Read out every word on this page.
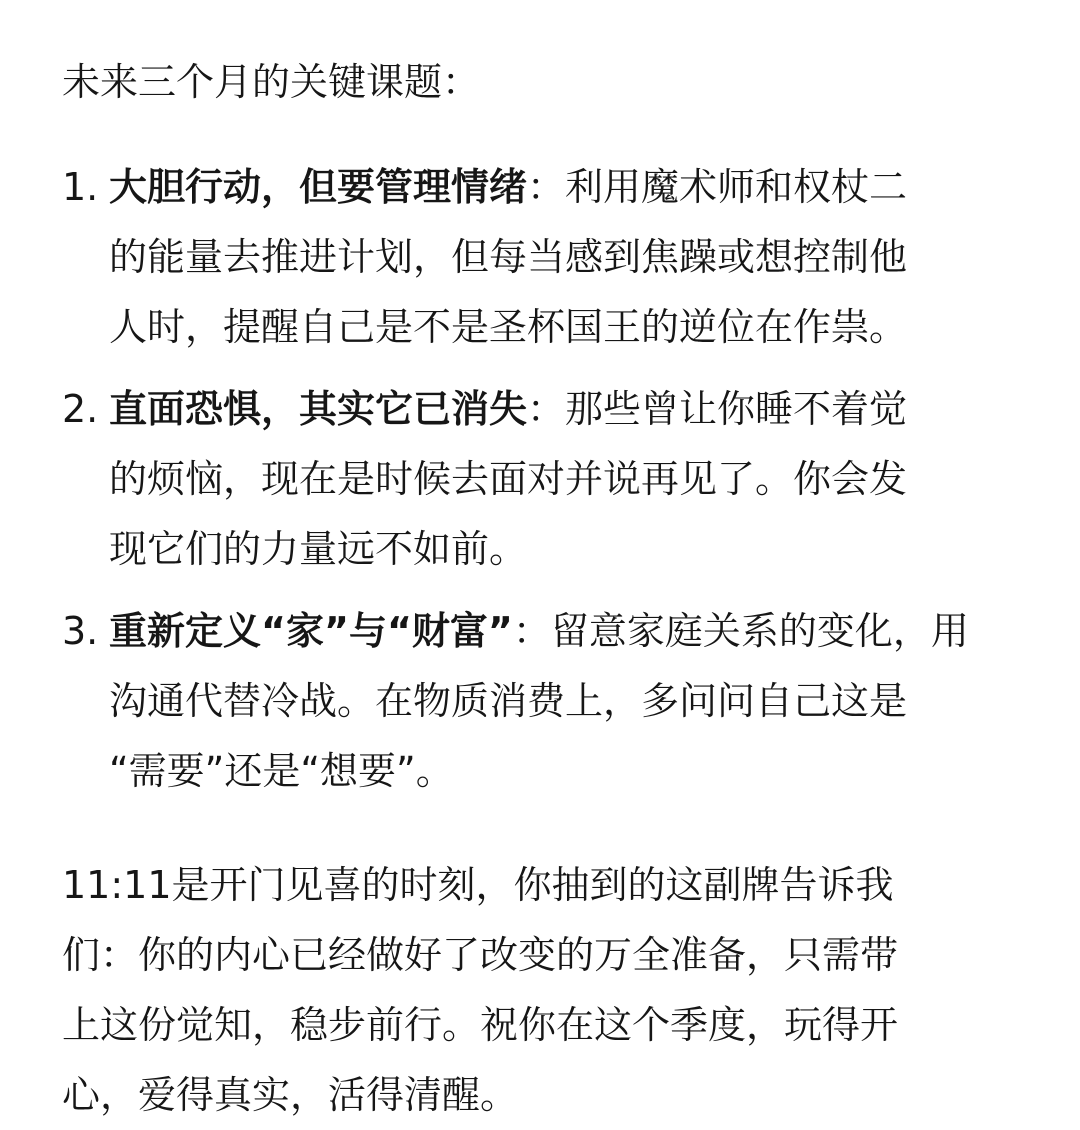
未来三个月的关键课题：

1. 大胆行动，但要管理情绪：利用魔术师和权杖二
的能量去推进计划，但每当感到焦躁或想控制他
人时，提醒自己是不是圣杯国王的逆位在作祟。
2. 直面恐惧，其实它已消失：那些曾让你睡不着觉
的烦恼，现在是时候去面对并说再见了。你会发
现它们的力量远不如前。
3. 重新定义“家”与“财富”：留意家庭关系的变化，用
沟通代替冷战。在物质消费上，多问问自己这是
“需要”还是“想要”。
11:11是开门见喜的时刻，你抽到的这副牌告诉我
们：你的内心已经做好了改变的万全准备，只需带
上这份觉知，稳步前行。祝你在这个季度，玩得开
心，爱得真实，活得清醒。
